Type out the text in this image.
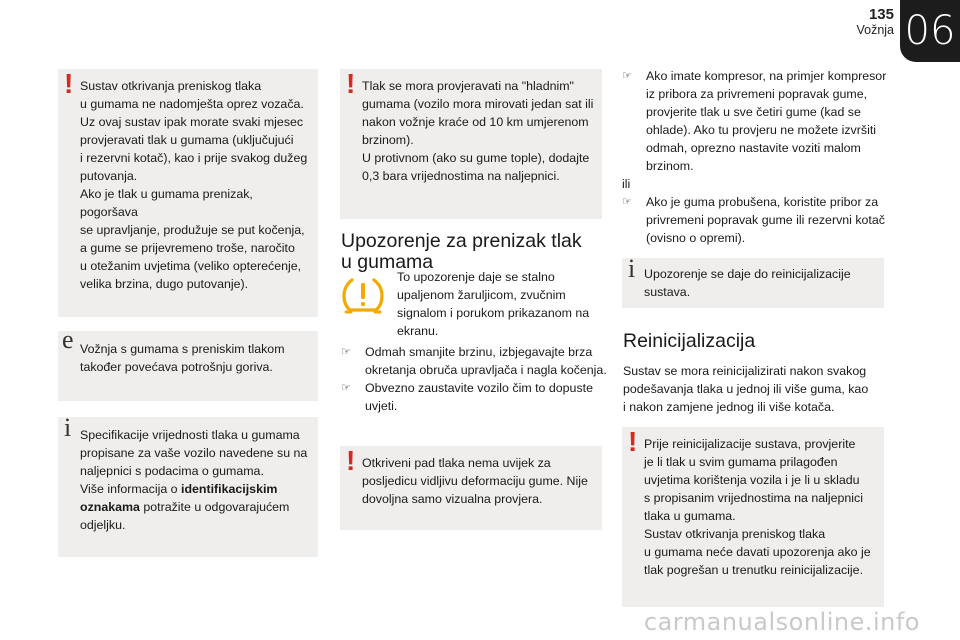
135
Vožnja 06
! Sustav otkrivanja preniskog tlaka

u gumama ne nadomješta oprez vozača.

Uz ovaj sustav ipak morate svaki mjesec

provjeravati tlak u gumama (uključujući

i rezervni kotač), kao i prije svakog dužeg

putovanja.

Ako je tlak u gumama prenizak, pogoršava

se upravljanje, produžuje se put kočenja,

a gume se prijevremeno troše, naročito

u otežanim uvjetima (veliko opterećenje,

velika brzina, dugo putovanje).

e Vožnja s gumama s preniskim tlakom

također povećava potrošnju goriva.

i Specifikacije vrijednosti tlaka u gumama

propisane za vaše vozilo navedene su na

naljepnici s podacima o gumama.

Više informacija o identifikacijskim

oznakama potražite u odgovarajućem

odjeljku.

! Tlak se mora provjeravati na "hladnim"

gumama (vozilo mora mirovati jedan sat ili

nakon vožnje kraće od 10 km umjerenom

brzinom).

U protivnom (ako su gume tople), dodajte

0,3 bara vrijednostima na naljepnici.

Upozorenje za prenizak tlak
u gumama

To upozorenje daje se stalno

upaljenom žaruljicom, zvučnim

signalom i porukom prikazanom na

ekranu.

☞ Odmah smanjite brzinu, izbjegavajte brza

okretanja obruča upravljača i nagla kočenja.

☞ Obvezno zaustavite vozilo čim to dopuste

uvjeti.

! Otkriveni pad tlaka nema uvijek za

posljedicu vidljivu deformaciju gume. Nije

dovoljna samo vizualna provjera.

☞ Ako imate kompresor, na primjer kompresor

iz pribora za privremeni popravak gume,

provjerite tlak u sve četiri gume (kad se

ohlade). Ako tu provjeru ne možete izvršiti

odmah, oprezno nastavite voziti malom

brzinom.

ili

☞ Ako je guma probušena, koristite pribor za

privremeni popravak gume ili rezervni kotač

(ovisno o opremi).

i Upozorenje se daje do reinicijalizacije

sustava.

Reinicijalizacija

Sustav se mora reinicijalizirati nakon svakog

podešavanja tlaka u jednoj ili više guma, kao

i nakon zamjene jednog ili više kotača.

! Prije reinicijalizacije sustava, provjerite

je li tlak u svim gumama prilagođen

uvjetima korištenja vozila i je li u skladu

s propisanim vrijednostima na naljepnici

tlaka u gumama.

Sustav otkrivanja preniskog tlaka

u gumama neće davati upozorenja ako je

tlak pogrešan u trenutku reinicijalizacije.

carmanualsonline.info
